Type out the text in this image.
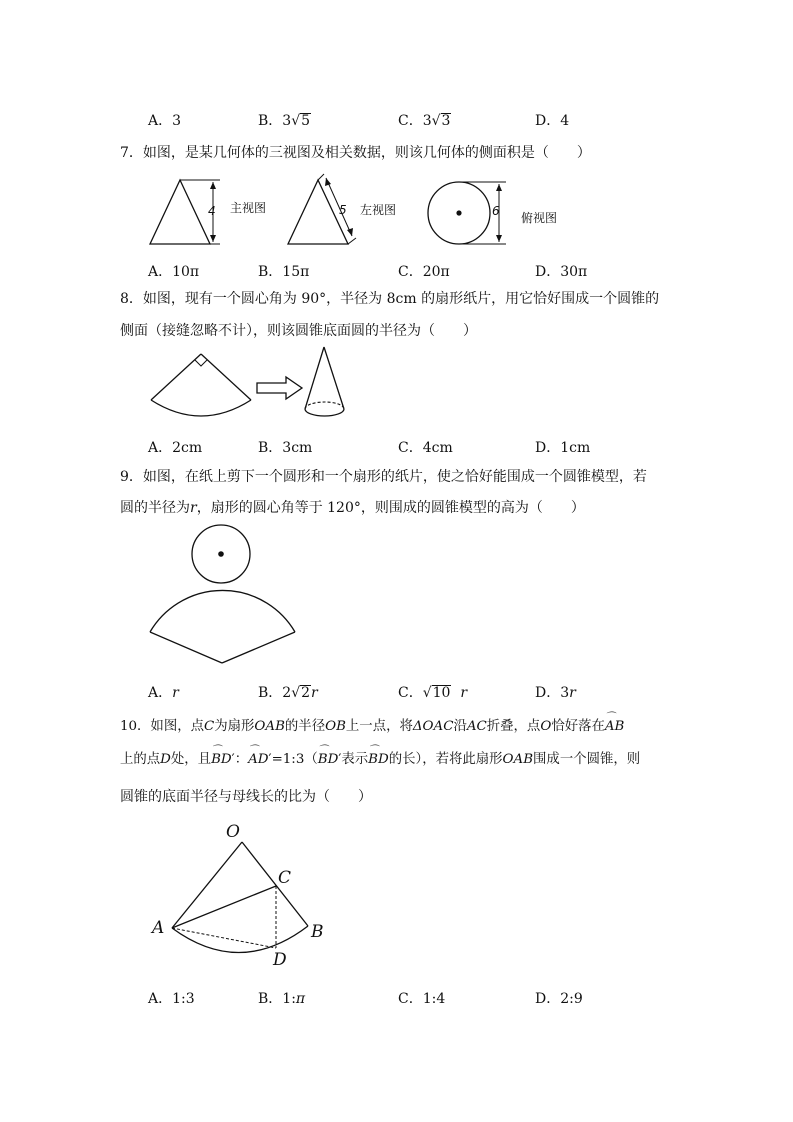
A．3	B．3√5	C．3√3	D．4
7．如图，是某几何体的三视图及相关数据，则该几何体的侧面积是（　　）
4 主视图	5 左视图	6 俯视图
A．10π	B．15π	C．20π	D．30π
8．如图，现有一个圆心角为 90°，半径为 8cm 的扇形纸片，用它恰好围成一个圆锥的
侧面（接缝忽略不计），则该圆锥底面圆的半径为（　　）
A．2cm	B．3cm	C．4cm	D．1cm
9．如图，在纸上剪下一个圆形和一个扇形的纸片，使之恰好能围成一个圆锥模型，若
圆的半径为r，扇形的圆心角等于 120°，则围成的圆锥模型的高为（　　）
A．r	B．2√2r	C．√10 r	D．3r
10．如图，点C为扇形OAB的半径OB上一点，将ΔOAC沿AC折叠，点O恰好落在⌒ AB
上的点D处，且⌒ BD′：⌒ AD′=1:3（⌒ BD′表示⌒ BD的长），若将此扇形OAB围成一个圆锥，则
圆锥的底面半径与母线长的比为（　　）
O
C
A	B
D
A．1:3	B．1:π	C．1:4	D．2:9
